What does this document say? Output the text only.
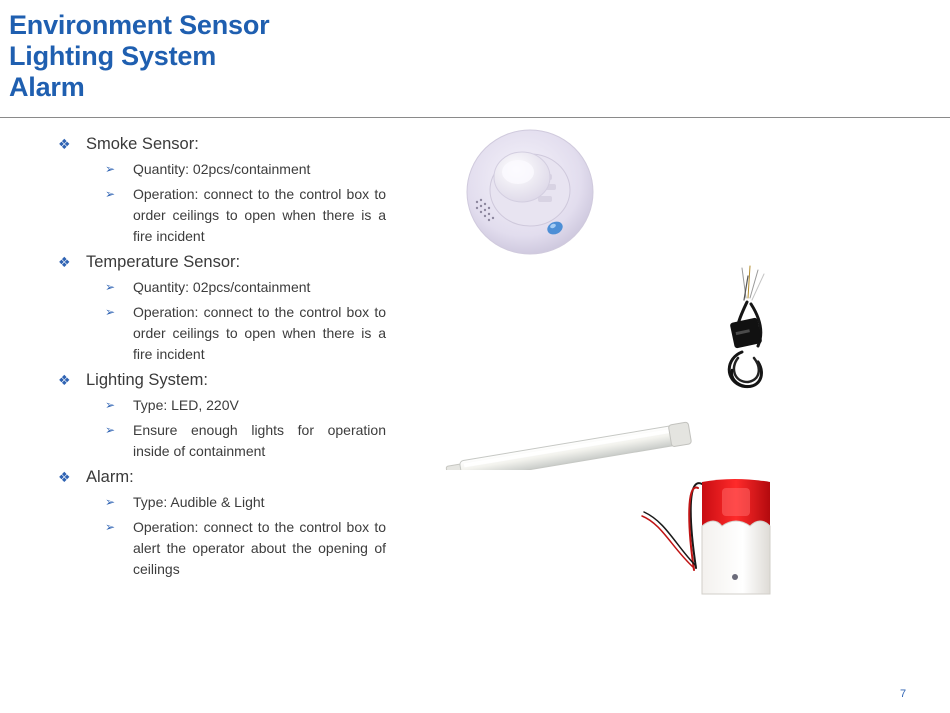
Environment Sensor
Lighting System
Alarm
❖ Smoke Sensor:
➢	Quantity: 02pcs/containment
➢	Operation: connect to the control box to order ceilings to open when there is a fire incident
❖ Temperature Sensor:
➢	Quantity: 02pcs/containment
➢	Operation: connect to the control box to order ceilings to open when there is a fire incident
❖ Lighting System:
➢	Type: LED, 220V
➢	Ensure enough lights for operation inside of containment
❖ Alarm:
➢	Type: Audible & Light
➢	Operation: connect to the control box to alert the operator about the opening of ceilings
7
